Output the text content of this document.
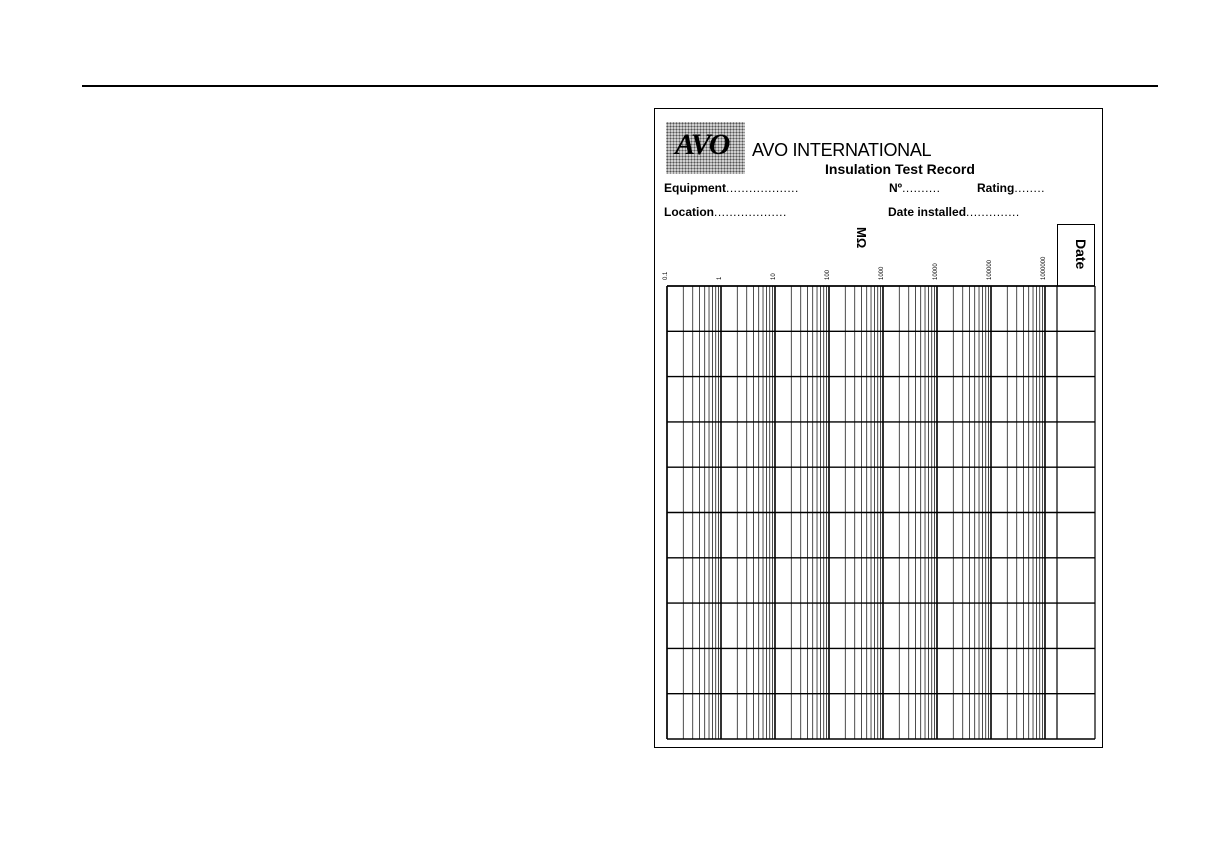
AVO AVO INTERNATIONAL
Insulation Test Record
Equipment...................	Nº..........	Rating........
Location...................	Date installed..............
Date
MΩ
0.1	1	10	100	1000	10000	100000	1000000
